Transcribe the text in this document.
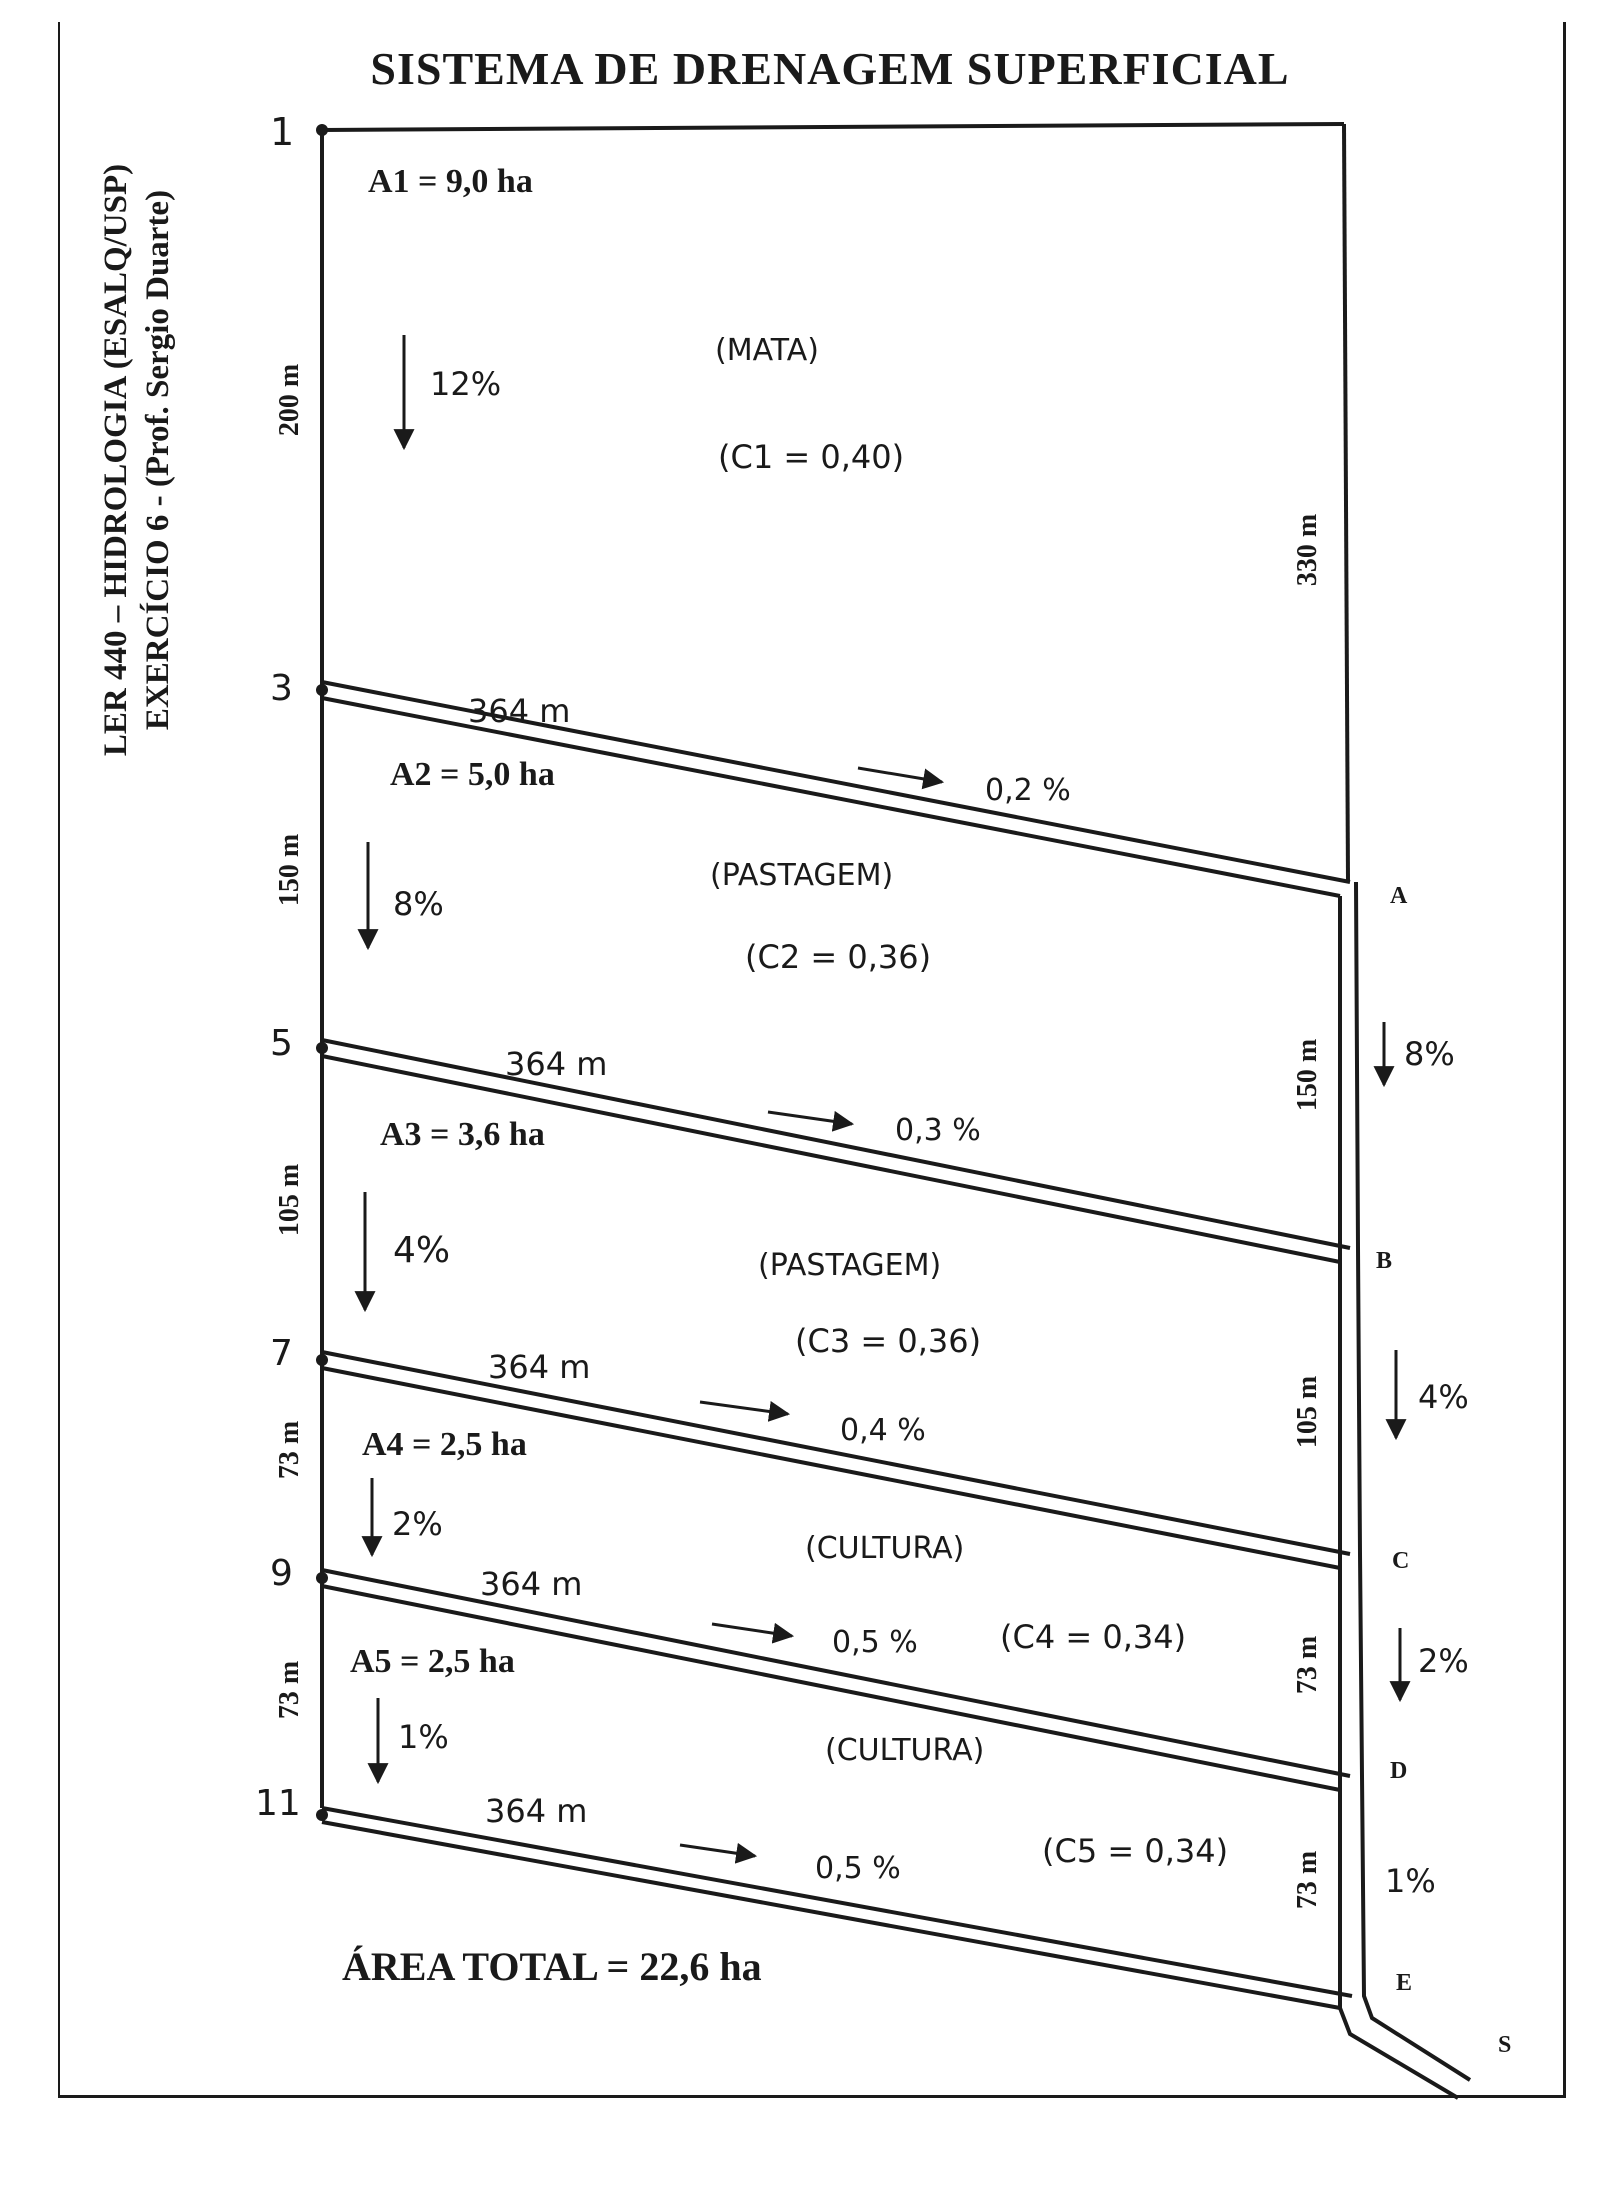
SISTEMA DE DRENAGEM SUPERFICIAL
LER 440 – HIDROLOGIA (ESALQ/USP) EXERCÍCIO 6 - (Prof. Sergio Duarte)
1
3
5
7
9
11
A
B
C
D
E
S
200 m
150 m
105 m
73 m
73 m
330 m
150 m
105 m
73 m
73 m
A1 = 9,0 ha
(MATA)
(C1 = 0,40)
12%
364 m
A2 = 5,0 ha	0,2 %
(PASTAGEM)
(C2 = 0,36)
8%
364 m
A3 = 3,6 ha	0,3 %
(PASTAGEM)
(C3 = 0,36)
4%
364 m
A4 = 2,5 ha	0,4 %
(CULTURA)
(C4 = 0,34)
2%
364 m
A5 = 2,5 ha
0,5 %
(CULTURA)
(C5 = 0,34)
1%
364 m
0,5 %
8%
4%
2%
1%
ÁREA TOTAL = 22,6 ha
